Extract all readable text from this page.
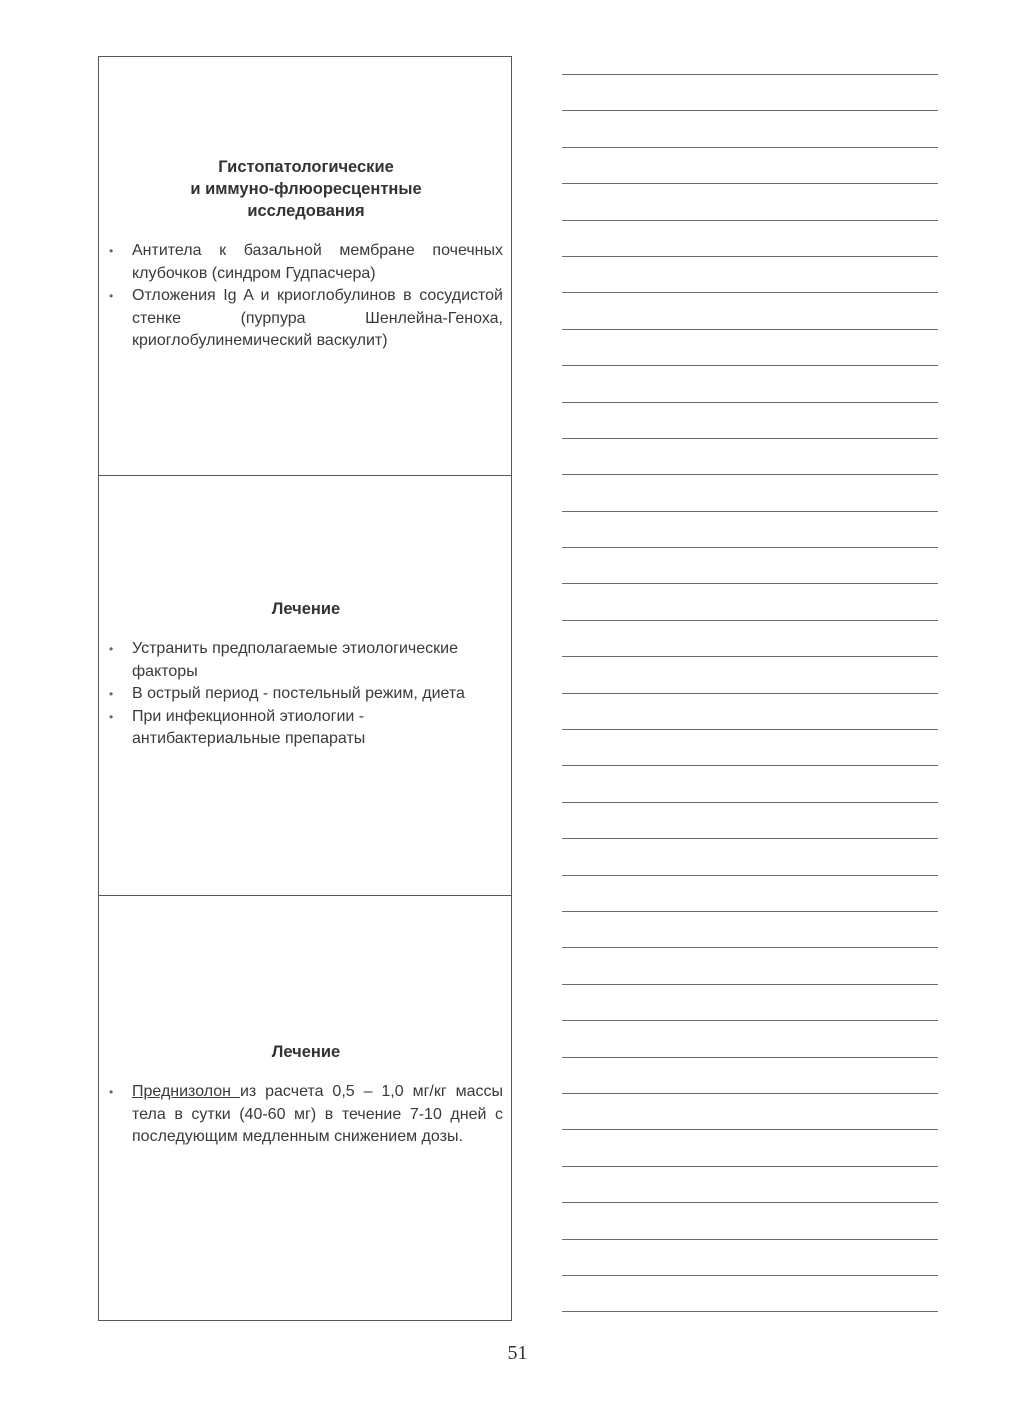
Гистопатологические
и иммуно-флюоресцентные
исследования
• Антитела к базальной мембране почечных клубочков (синдром Гудпасчера)
• Отложения Ig A и криоглобулинов в сосудистой стенке (пурпура Шенлейна-Геноха, криоглобулинемический васкулит)
Лечение
• Устранить предполагаемые этиологические факторы
• В острый период - постельный режим, диета
• При инфекционной этиологии - антибактериальные препараты
Лечение
• Преднизолон из расчета 0,5 – 1,0 мг/кг массы тела в сутки (40-60 мг) в течение 7-10 дней с последующим медленным снижением дозы.
51
